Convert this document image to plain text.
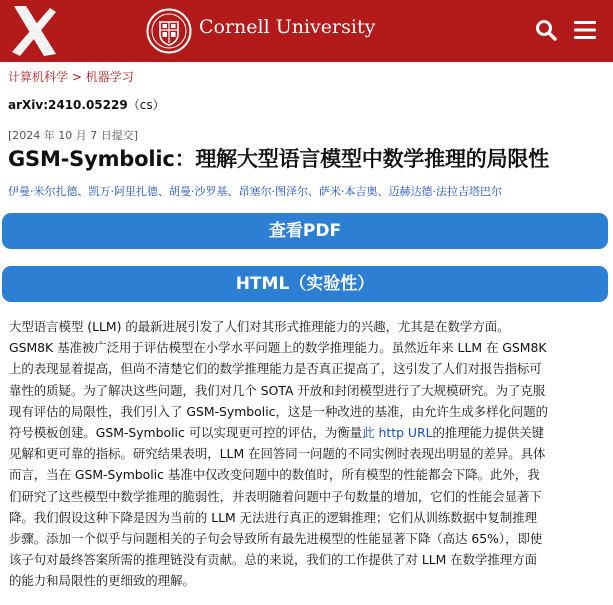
Cornell University
计算机科学 > 机器学习
arXiv:2410.05229（cs）
[2024 年 10 月 7 日提交]
GSM-Symbolic：理解大型语言模型中数学推理的局限性
伊曼·米尔扎德、凯万·阿里扎德、胡曼·沙罗基、昂塞尔·图泽尔、萨米·本吉奥、迈赫达德·法拉吉塔巴尔
查看PDF
HTML（实验性）
大型语言模型 (LLM) 的最新进展引发了人们对其形式推理能力的兴趣，尤其是在数学方面。
GSM8K 基准被广泛用于评估模型在小学水平问题上的数学推理能力。虽然近年来 LLM 在 GSM8K
上的表现显着提高，但尚不清楚它们的数学推理能力是否真正提高了，这引发了人们对报告指标可
靠性的质疑。为了解决这些问题，我们对几个 SOTA 开放和封闭模型进行了大规模研究。为了克服
现有评估的局限性，我们引入了 GSM-Symbolic，这是一种改进的基准，由允许生成多样化问题的
符号模板创建。GSM-Symbolic 可以实现更可控的评估，为衡量此 http URL的推理能力提供关键
见解和更可靠的指标。研究结果表明，LLM 在回答同一问题的不同实例时表现出明显的差异。具体
而言，当在 GSM-Symbolic 基准中仅改变问题中的数值时，所有模型的性能都会下降。此外，我
们研究了这些模型中数学推理的脆弱性，并表明随着问题中子句数量的增加，它们的性能会显著下
降。我们假设这种下降是因为当前的 LLM 无法进行真正的逻辑推理；它们从训练数据中复制推理
步骤。添加一个似乎与问题相关的子句会导致所有最先进模型的性能显著下降（高达 65%），即使
该子句对最终答案所需的推理链没有贡献。总的来说，我们的工作提供了对 LLM 在数学推理方面
的能力和局限性的更细致的理解。
